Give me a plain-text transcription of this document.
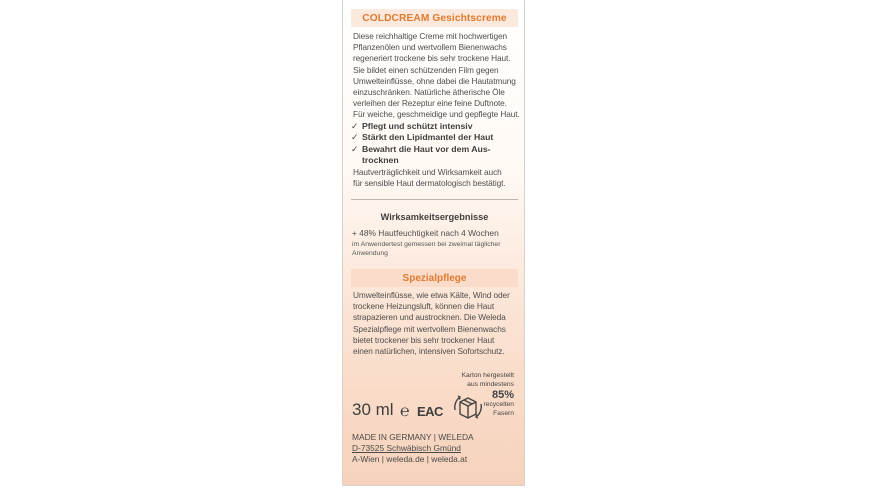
COLDCREAM Gesichtscreme

Diese reichhaltige Creme mit hochwertigen

Pflanzenölen und wertvollem Bienenwachs

regeneriert trockene bis sehr trockene Haut.

Sie bildet einen schützenden Film gegen

Umwelteinflüsse, ohne dabei die Hautatmung

einzuschränken. Natürliche ätherische Öle

verleihen der Rezeptur eine feine Duftnote.

Für weiche, geschmeidige und gepflegte Haut.

✓ Pflegt und schützt intensiv
✓ Stärkt den Lipidmantel der Haut
✓ Bewahrt die Haut vor dem Aus-
trocknen

Hautverträglichkeit und Wirksamkeit auch

für sensible Haut dermatologisch bestätigt.

Wirksamkeitsergebnisse
+ 48% Hautfeuchtigkeit nach 4 Wochen
im Anwendertest gemessen bei zweimal täglicher
Anwendung
Spezialpflege

Umwelteinflüsse, wie etwa Kälte, Wind oder

trockene Heizungsluft, können die Haut

strapazieren und austrocknen. Die Weleda

Spezialpflege mit wertvollem Bienenwachs

bietet trockener bis sehr trockener Haut

einen natürlichen, intensiven Sofortschutz.

Karton hergestellt
aus mindestens
85%
recycelten
Fasern
30 ml ℮ EAC

MADE IN GERMANY | WELEDA

D-73525 Schwäbisch Gmünd

A-Wien | weleda.de | weleda.at
